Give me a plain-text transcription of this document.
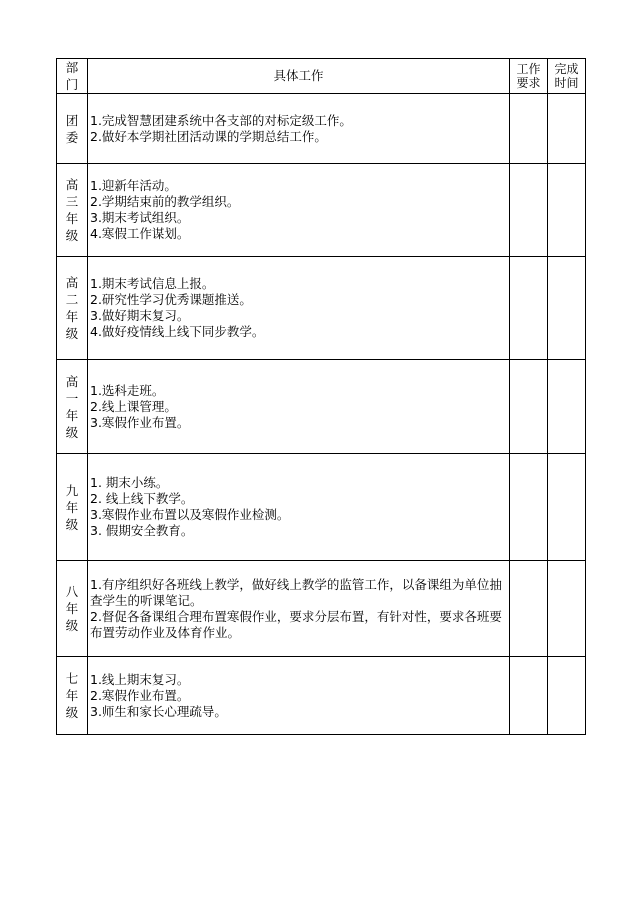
部门	具体工作	工作要求	完成时间

团委	1.完成智慧团建系统中各支部的对标定级工作。
2.做好本学期社团活动课的学期总结工作。		

高三年级	1.迎新年活动。
2.学期结束前的教学组织。
3.期末考试组织。
4.寒假工作谋划。		

高二年级	1.期末考试信息上报。
2.研究性学习优秀课题推送。
3.做好期末复习。
4.做好疫情线上线下同步教学。		

高一年级	1.选科走班。
2.线上课管理。
3.寒假作业布置。		

九年级	1. 期末小练。
2. 线上线下教学。
3.寒假作业布置以及寒假作业检测。
3. 假期安全教育。		

八年级	1.有序组织好各班线上教学，做好线上教学的监管工作，以备课组为单位抽查学生的听课笔记。
2.督促各备课组合理布置寒假作业，要求分层布置，有针对性，要求各班要布置劳动作业及体育作业。		

七年级	1.线上期末复习。
2.寒假作业布置。
3.师生和家长心理疏导。		
